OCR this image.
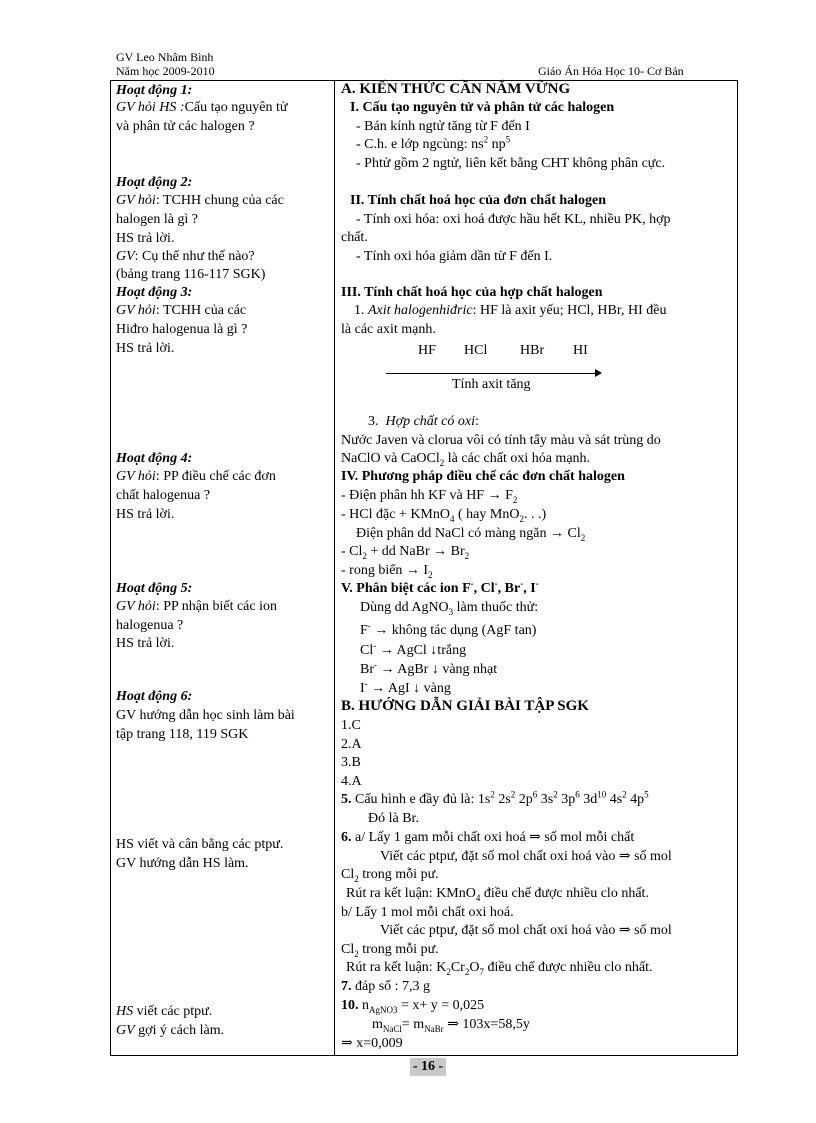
GV Leo Nhâm Bình
Năm học 2009-2010	Giáo Án Hóa Học 10- Cơ Bản
Hoạt động 1:
GV hỏi HS :Cấu tạo nguyên tử
và phân tử các halogen ?
Hoạt động 2:
GV hỏi: TCHH chung của các
halogen là gì ?
HS trả lời.
GV: Cụ thể như thế nào?
(bảng trang 116-117 SGK)
Hoạt động 3:
GV hỏi: TCHH của các
Hiđro halogenua là gì ?
HS trả lời.
Hoạt động 4:
GV hỏi: PP điều chế các đơn
chất halogenua ?
HS trả lời.
Hoạt động 5:
GV hỏi: PP nhận biết các ion
halogenua ?
HS trả lời.
Hoạt động 6:
GV hướng dẫn học sinh làm bài
tập trang 118, 119 SGK
HS viết và cân bằng các ptpư.
GV hướng dẫn HS làm.
HS viết các ptpư.
GV gợi ý cách làm.
A. KIẾN THỨC CẦN NẮM VỮNG
I. Cấu tạo nguyên tử và phân tử các halogen
- Bán kính ngtử tăng từ F đến I
- C.h. e lớp ngcùng: $ns^2$ $np^5$
- Phtử gồm 2 ngtử, liên kết bằng CHT không phân cực.
II. Tính chất hoá học của đơn chất halogen
- Tính oxi hóa: oxi hoá được hầu hết KL, nhiều PK, hợp
chất.
- Tính oxi hóa giảm dần từ F đến I.
III. Tính chất hoá học của hợp chất halogen
1. Axit halogenhiđric: HF là axit yếu; HCl, HBr, HI đều
là các axit mạnh.
HF HCl HBr HI
Tính axit tăng
3. Hợp chất có oxi:
Nước Javen và clorua vôi có tính tẩy màu và sát trùng do
NaClO và CaOCl$_2$ là các chất oxi hóa mạnh.
IV. Phương pháp điều chế các đơn chất halogen
- Điện phân hh KF và HF → $F_2$
- HCl đặc + KMnO$_4$ ( hay MnO$_2$. . .)
Điện phân dd NaCl có màng ngăn → $Cl_2$
- $Cl_2$ + dd NaBr → $Br_2$
- rong biển → $I_2$
V. Phân biệt các ion F-, Cl-, Br-, I-
Dùng dd AgNO$_3$ làm thuốc thử:
F- → không tác dụng (AgF tan)
Cl- → AgCl ↓trắng
Br- → AgBr ↓ vàng nhạt
I- → AgI ↓ vàng
B. HƯỚNG DẪN GIẢI BÀI TẬP SGK
1.C
2.A
3.B
4.A
5. Cấu hình e đầy đủ là: $1s^2$ $2s^2$ $2p^6$ $3s^2$ $3p^6$ $3d^{10}$ $4s^2$ $4p^5$
Đó là Br.
6. a/ Lấy 1 gam mỗi chất oxi hoá ⇒ số mol mỗi chất
Viết các ptpư, đặt số mol chất oxi hoá vào ⇒ số mol
$Cl_2$ trong mỗi pư.
Rút ra kết luận: KMnO$_4$ điều chế được nhiều clo nhất.
b/ Lấy 1 mol mỗi chất oxi hoá.
Viết các ptpư, đặt số mol chất oxi hoá vào ⇒ số mol
$Cl_2$ trong mỗi pư.
Rút ra kết luận: $K_2Cr_2O_7$ điều chế được nhiều clo nhất.
7. đáp số : 7,3 g
10. $n_{AgNO3} = x+ y = 0,025$
$m_{NaCl}= m_{NaBr}$ ⇒ 103x=58,5y
⇒ x=0,009
- 16 -
